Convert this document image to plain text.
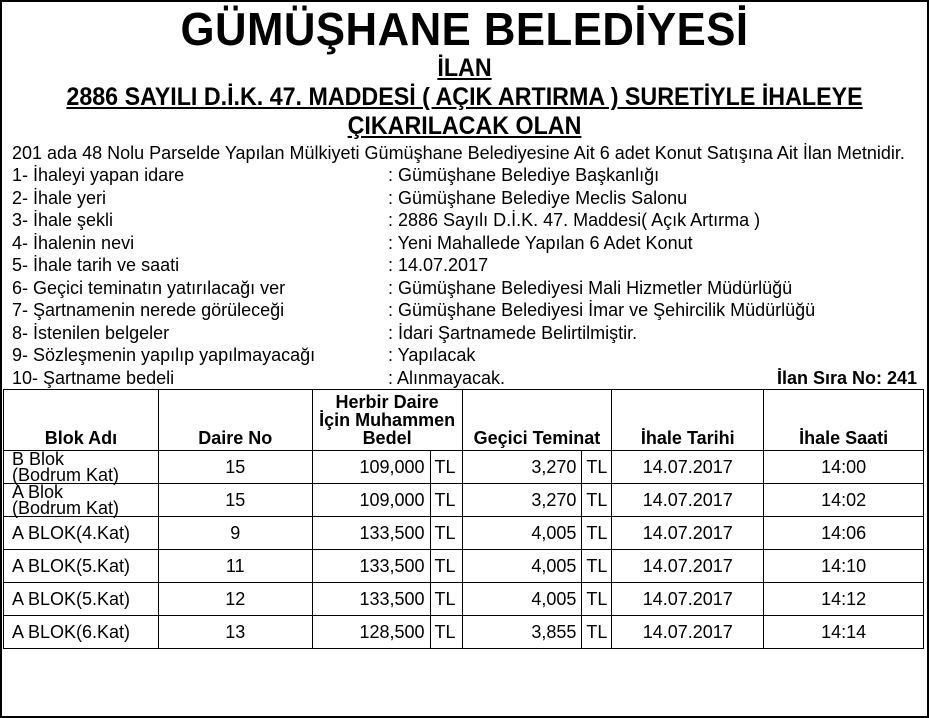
GÜMÜŞHANE BELEDİYESİ
İLAN
2886 SAYILI D.İ.K. 47. MADDESİ ( AÇIK ARTIRMA ) SURETİYLE İHALEYE
ÇIKARILACAK OLAN
201 ada 48 Nolu Parselde Yapılan Mülkiyeti Gümüşhane Belediyesine Ait 6 adet Konut Satışına Ait İlan Metnidir.
1- İhaleyi yapan idare	: Gümüşhane Belediye Başkanlığı
2- İhale yeri	: Gümüşhane Belediye Meclis Salonu
3- İhale şekli	: 2886 Sayılı D.İ.K. 47. Maddesi( Açık Artırma )
4- İhalenin nevi	: Yeni Mahallede Yapılan 6 Adet Konut
5- İhale tarih ve saati	: 14.07.2017
6- Geçici teminatın yatırılacağı ver	: Gümüşhane Belediyesi Mali Hizmetler Müdürlüğü
7- Şartnamenin nerede görüleceği	: Gümüşhane Belediyesi İmar ve Şehircilik Müdürlüğü
8- İstenilen belgeler	: İdari Şartnamede Belirtilmiştir.
9- Sözleşmenin yapılıp yapılmayacağı	: Yapılacak
10- Şartname bedeli	: Alınmayacak.	İlan Sıra No: 241
Blok Adı	Daire No	Herbir Daire
İçin Muhammen
Bedel		Geçici Teminat		İhale Tarihi	İhale Saati
B Blok
(Bodrum Kat)	15	109,000	TL	3,270	TL	14.07.2017	14:00
A Blok
(Bodrum Kat)	15	109,000	TL	3,270	TL	14.07.2017	14:02
A BLOK(4.Kat)	9	133,500	TL	4,005	TL	14.07.2017	14:06
A BLOK(5.Kat)	11	133,500	TL	4,005	TL	14.07.2017	14:10
A BLOK(5.Kat)	12	133,500	TL	4,005	TL	14.07.2017	14:12
A BLOK(6.Kat)	13	128,500	TL	3,855	TL	14.07.2017	14:14
